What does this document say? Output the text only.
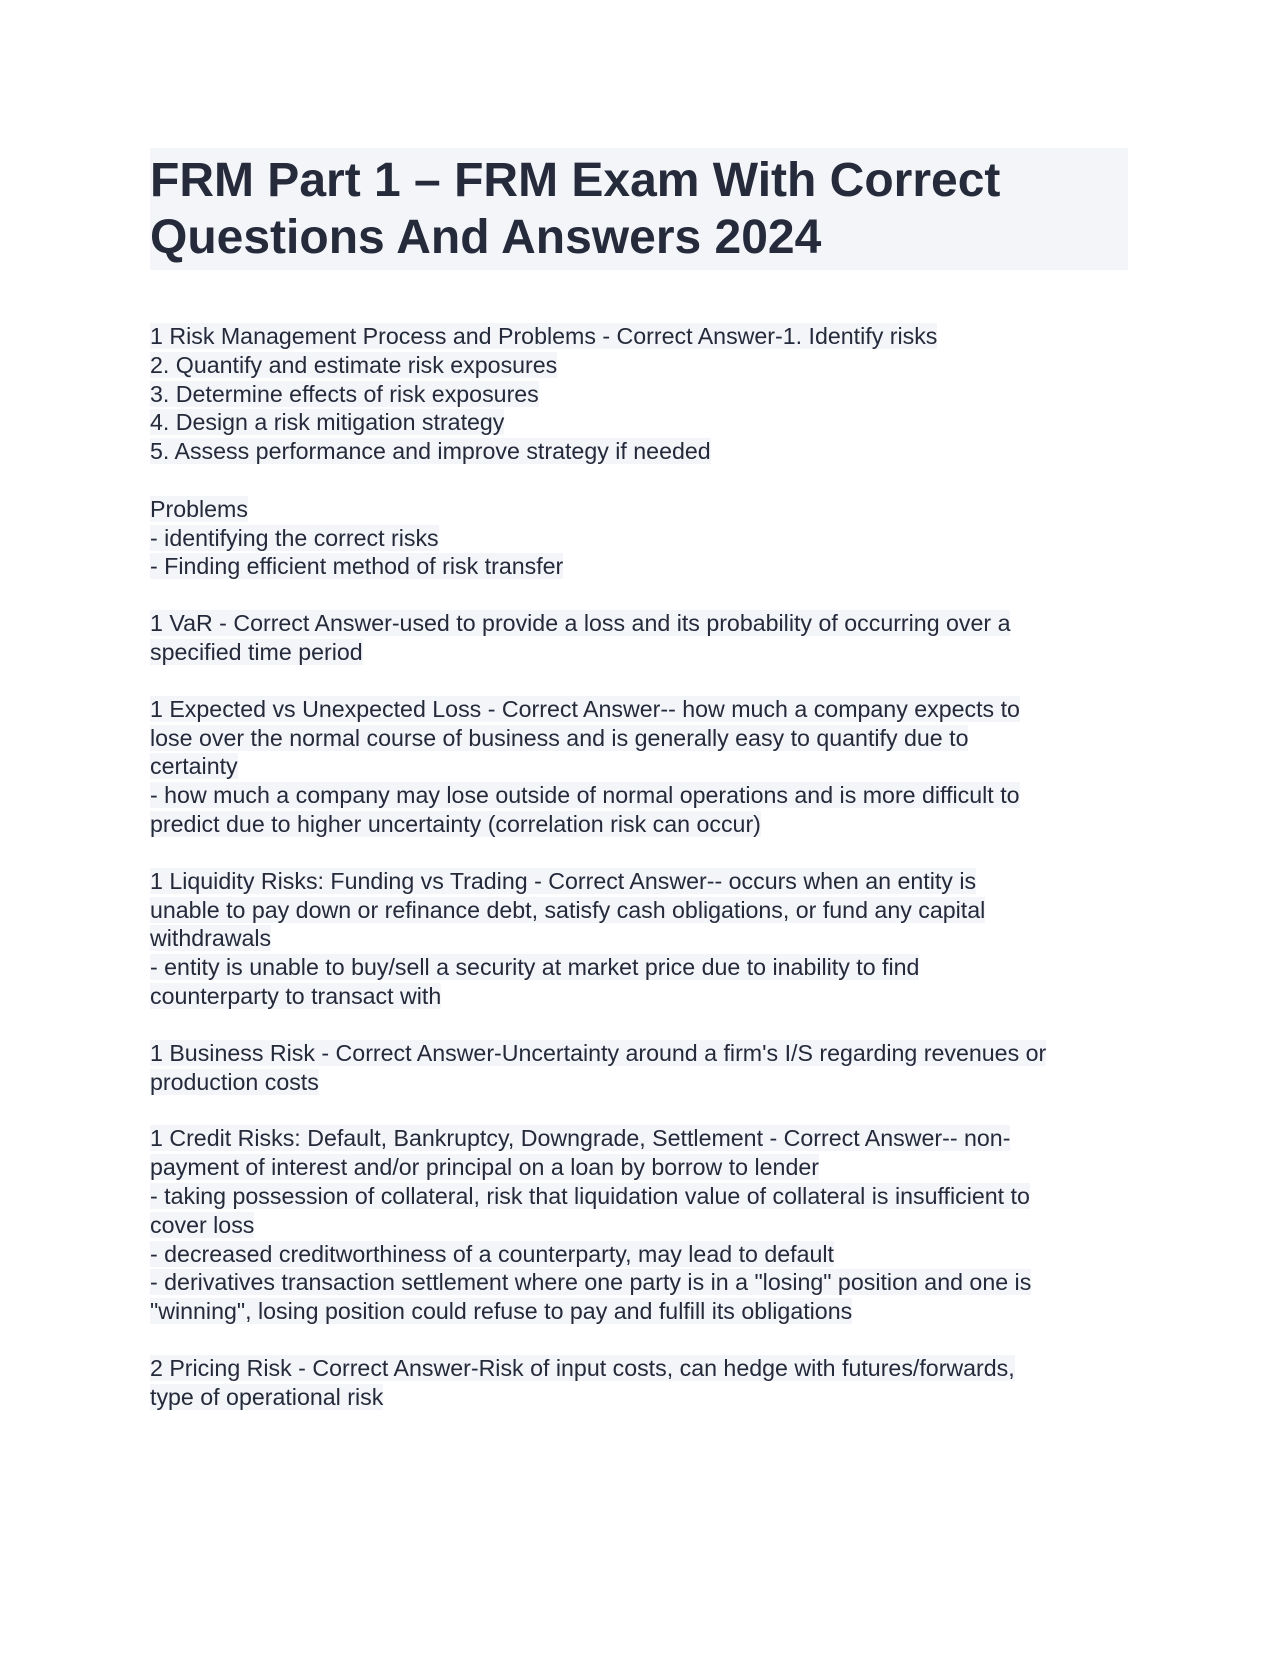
FRM Part 1 – FRM Exam With Correct
Questions And Answers 2024
1 Risk Management Process and Problems - Correct Answer-1. Identify risks
2. Quantify and estimate risk exposures
3. Determine effects of risk exposures
4. Design a risk mitigation strategy
5. Assess performance and improve strategy if needed
Problems
- identifying the correct risks
- Finding efficient method of risk transfer
1 VaR - Correct Answer-used to provide a loss and its probability of occurring over a
specified time period
1 Expected vs Unexpected Loss - Correct Answer-- how much a company expects to
lose over the normal course of business and is generally easy to quantify due to
certainty
- how much a company may lose outside of normal operations and is more difficult to
predict due to higher uncertainty (correlation risk can occur)
1 Liquidity Risks: Funding vs Trading - Correct Answer-- occurs when an entity is
unable to pay down or refinance debt, satisfy cash obligations, or fund any capital
withdrawals
- entity is unable to buy/sell a security at market price due to inability to find
counterparty to transact with
1 Business Risk - Correct Answer-Uncertainty around a firm's I/S regarding revenues or
production costs
1 Credit Risks: Default, Bankruptcy, Downgrade, Settlement - Correct Answer-- non-
payment of interest and/or principal on a loan by borrow to lender
- taking possession of collateral, risk that liquidation value of collateral is insufficient to
cover loss
- decreased creditworthiness of a counterparty, may lead to default
- derivatives transaction settlement where one party is in a "losing" position and one is
"winning", losing position could refuse to pay and fulfill its obligations
2 Pricing Risk - Correct Answer-Risk of input costs, can hedge with futures/forwards,
type of operational risk
